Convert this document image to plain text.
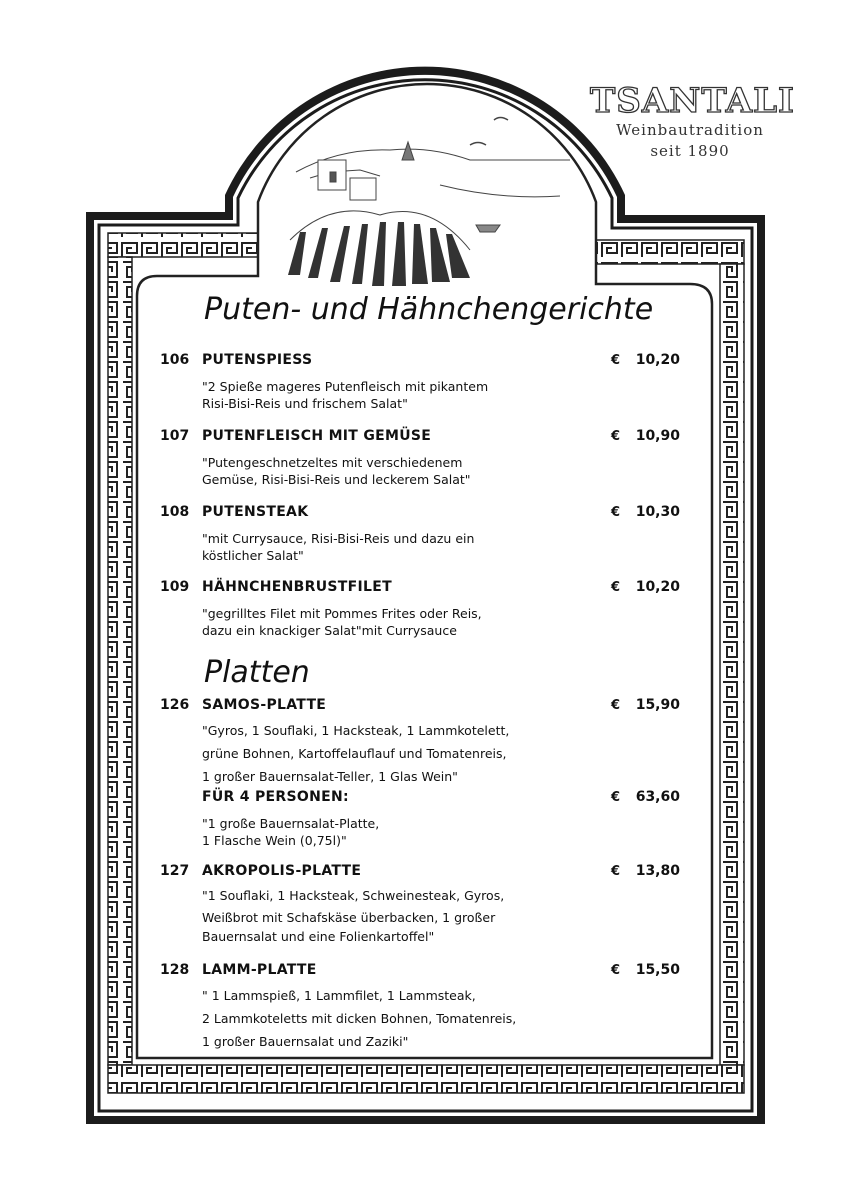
TSANTALI
Weinbautradition
seit 1890
Puten- und Hähnchengerichte
106 PUTENSPIESS	€	10,20
"2 Spieße mageres Putenfleisch mit pikantem
Risi-Bisi-Reis und frischem Salat"
107 PUTENFLEISCH MIT GEMÜSE	€	10,90
"Putengeschnetzeltes mit verschiedenem
Gemüse, Risi-Bisi-Reis und leckerem Salat"
108 PUTENSTEAK	€	10,30
"mit Currysauce, Risi-Bisi-Reis und dazu ein
köstlicher Salat"
109 HÄHNCHENBRUSTFILET	€	10,20
"gegrilltes Filet mit Pommes Frites oder Reis,
dazu ein knackiger Salat"mit Currysauce
Platten
126 SAMOS-PLATTE	€	15,90
"Gyros, 1 Souflaki, 1 Hacksteak, 1 Lammkotelett,
grüne Bohnen, Kartoffelauflauf und Tomatenreis,
1 großer Bauernsalat-Teller, 1 Glas Wein"
FÜR 4 PERSONEN:	€	63,60
"1 große Bauernsalat-Platte,
1 Flasche Wein (0,75l)"
127 AKROPOLIS-PLATTE	€	13,80
"1 Souflaki, 1 Hacksteak, Schweinesteak, Gyros,
Weißbrot mit Schafskäse überbacken, 1 großer
Bauernsalat und eine Folienkartoffel"
128 LAMM-PLATTE	€	15,50
" 1 Lammspieß, 1 Lammfilet, 1 Lammsteak,
2 Lammkoteletts mit dicken Bohnen, Tomatenreis,
1 großer Bauernsalat und Zaziki"
